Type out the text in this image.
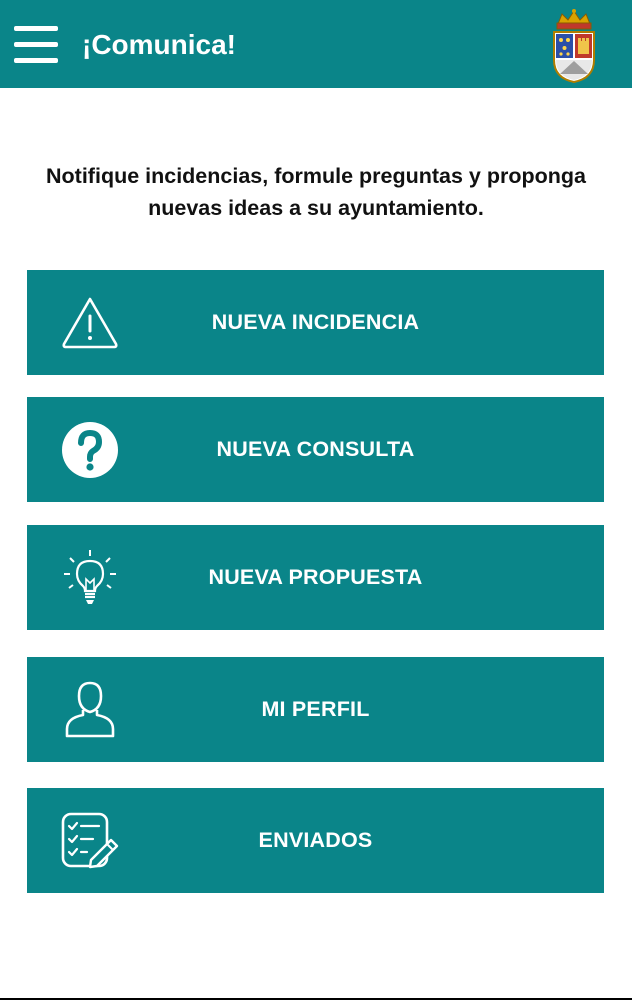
¡Comunica!
Notifique incidencias, formule preguntas y proponga nuevas ideas a su ayuntamiento.
NUEVA INCIDENCIA
NUEVA CONSULTA
NUEVA PROPUESTA
MI PERFIL
ENVIADOS
